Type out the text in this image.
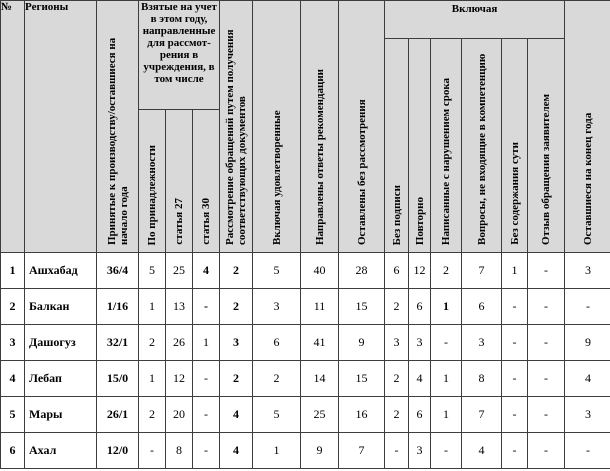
№	Регионы	Принятые к производству/оставшиеся на начало года	Взятые на учет в этом году, направленные для рассмот-рения в учреждения, в том числе			Рассмотрение обращений путем получения соответствующих документов	Включая удовлетворенные	Направлены ответы рекомендации	Оставлены без рассмотрения	Включая						Оставшиеся на конец года
										Без подписи	Повторно	Написанные с нарушением срока	Вопросы, не входящие в компетенцию	Без содержания сути	Отзыв обращения заявителем	
			По принадлежности	статья 27	статья 30											
1	Ашхабад	36/4	5	25	4	2	5	40	28	6	12	2	7	1	-	3
2	Балкан	1/16	1	13	-	2	3	11	15	2	6	1	6	-	-	-
3	Дашогуз	32/1	2	26	1	3	6	41	9	3	3	-	3	-	-	9
4	Лебап	15/0	1	12	-	2	2	14	15	2	4	1	8	-	-	4
5	Мары	26/1	2	20	-	4	5	25	16	2	6	1	7	-	-	3
6	Ахал	12/0	-	8	-	4	1	9	7	-	3	-	4	-	-	-
